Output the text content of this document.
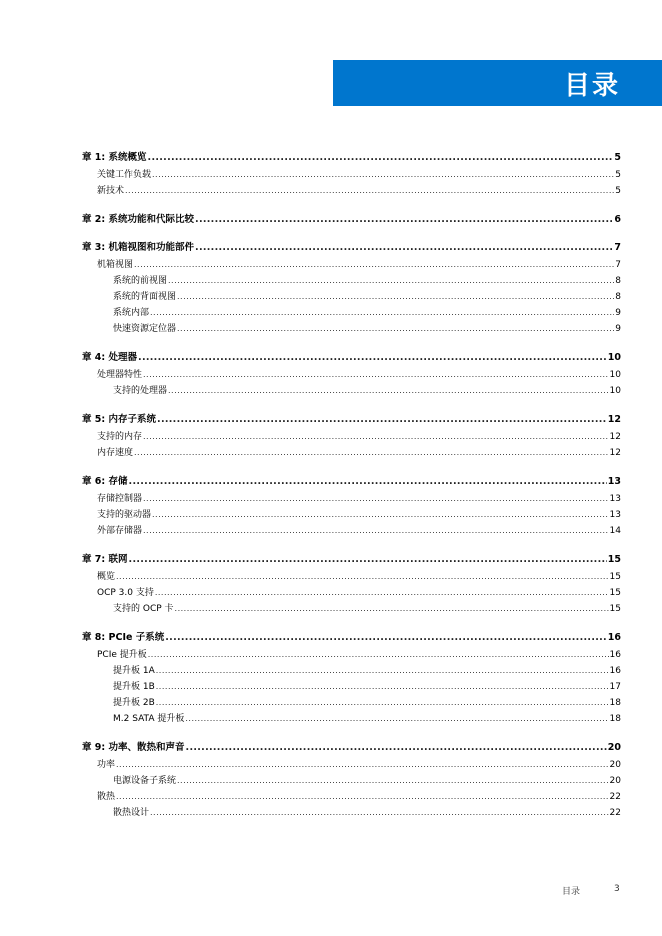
目录
章 1: 系统概览 .....	5
关键工作负载 .....	5
新技术 .....	5
章 2: 系统功能和代际比较 .....	6
章 3: 机箱视图和功能部件 .....	7
机箱视图 .....	7
系统的前视图 .....	8
系统的背面视图 .....	8
系统内部 .....	9
快速资源定位器 .....	9
章 4: 处理器 .....	10
处理器特性 .....	10
支持的处理器 .....	10
章 5: 内存子系统 .....	12
支持的内存 .....	12
内存速度 .....	12
章 6: 存储 .....	13
存储控制器 .....	13
支持的驱动器 .....	13
外部存储器 .....	14
章 7: 联网 .....	15
概览 .....	15
OCP 3.0 支持 .....	15
支持的 OCP 卡 .....	15
章 8: PCIe 子系统 .....	16
PCIe 提升板 .....	16
提升板 1A .....	16
提升板 1B .....	17
提升板 2B .....	18
M.2 SATA 提升板 .....	18
章 9: 功率、散热和声音 .....	20
功率 .....	20
电源设备子系统 .....	20
散热 .....	22
散热设计 .....	22
目录	3
